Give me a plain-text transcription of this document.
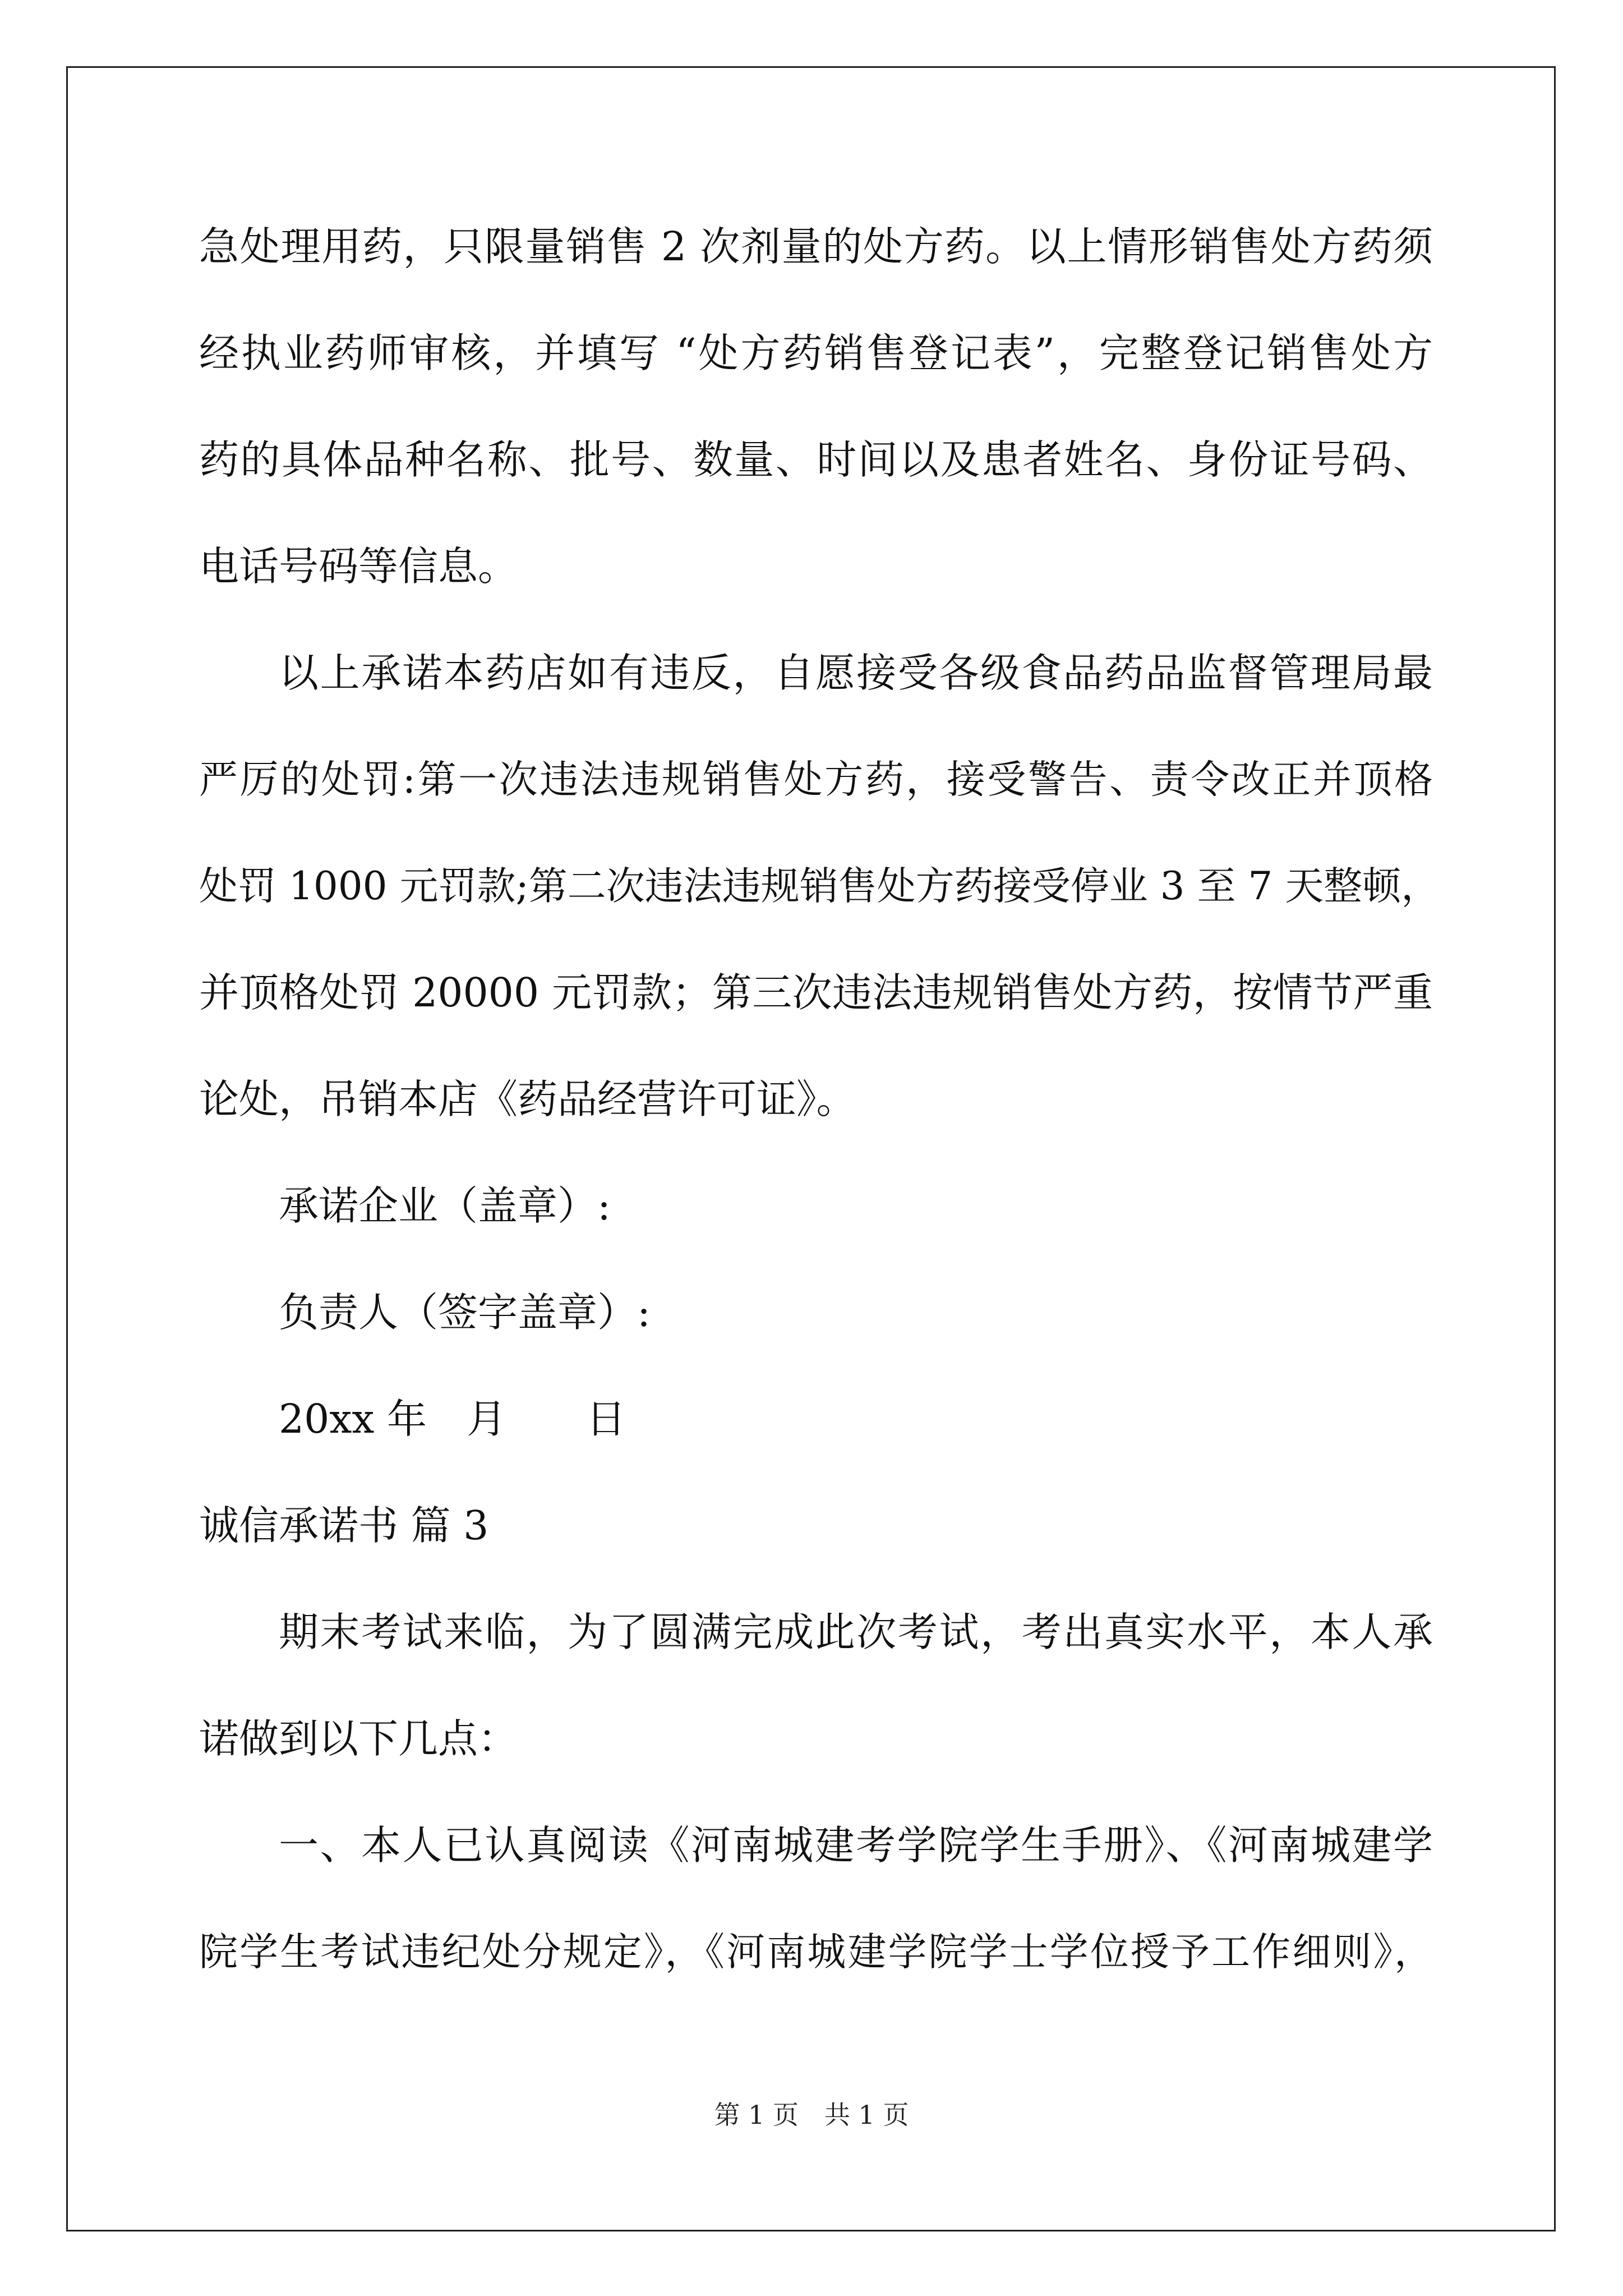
急处理用药，只限量销售 2 次剂量的处方药。以上情形销售处方药须
经执业药师审核，并填写 “处方药销售登记表”，完整登记销售处方
药的具体品种名称、批号、数量、时间以及患者姓名、身份证号码、
电话号码等信息。
以上承诺本药店如有违反，自愿接受各级食品药品监督管理局最
严厉的处罚:第一次违法违规销售处方药，接受警告、责令改正并顶格
处罚 1000 元罚款;第二次违法违规销售处方药接受停业 3 至 7 天整顿，
并顶格处罚 20000 元罚款；第三次违法违规销售处方药，按情节严重
论处，吊销本店《药品经营许可证》。
承诺企业（盖章）:
负责人（签字盖章）:
20xx 年　月　　日
诚信承诺书 篇 3
期末考试来临，为了圆满完成此次考试，考出真实水平，本人承
诺做到以下几点：
一、本人已认真阅读《河南城建考学院学生手册》、《河南城建学
院学生考试违纪处分规定》，《河南城建学院学士学位授予工作细则》，
第 1 页　共 1 页
